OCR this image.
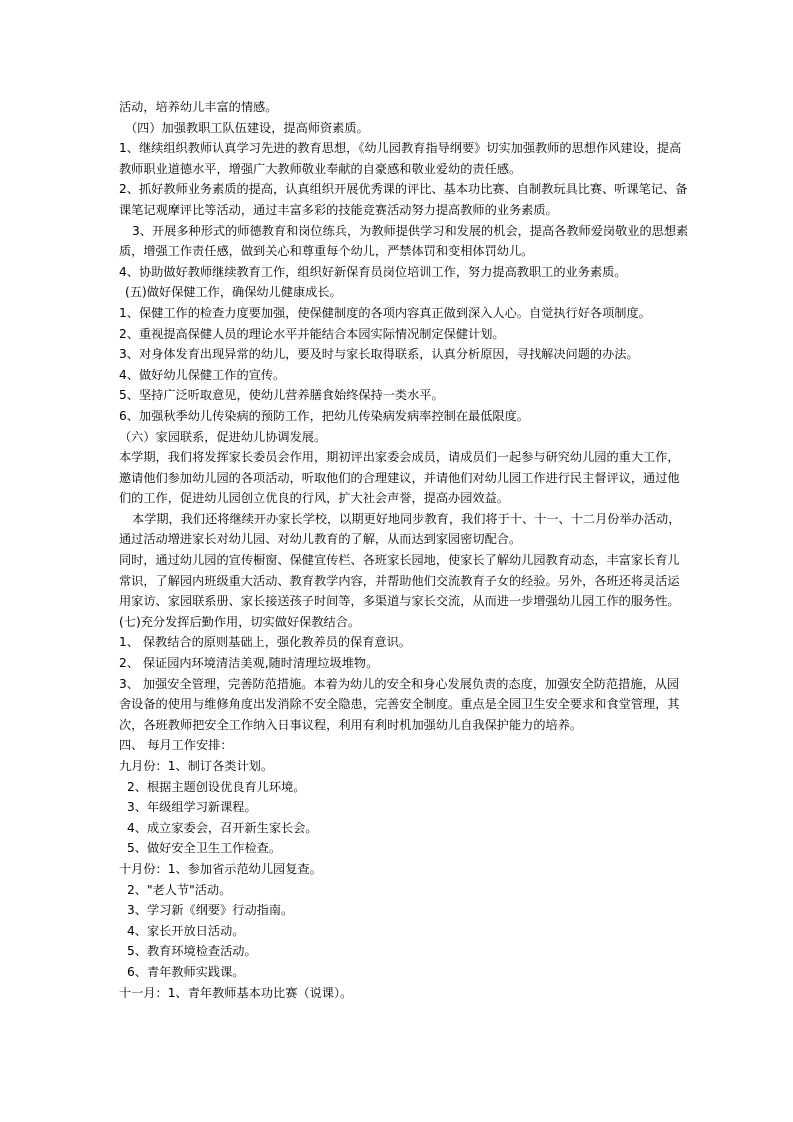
活动，培养幼儿丰富的情感。
（四）加强教职工队伍建设，提高师资素质。
1、继续组织教师认真学习先进的教育思想，《幼儿园教育指导纲要》切实加强教师的思想作风建设，提高
教师职业道德水平，增强广大教师敬业奉献的自豪感和敬业爱幼的责任感。
2、抓好教师业务素质的提高，认真组织开展优秀课的评比、基本功比赛、自制教玩具比赛、听课笔记、备
课笔记观摩评比等活动，通过丰富多彩的技能竞赛活动努力提高教师的业务素质。
3、开展多种形式的师德教育和岗位练兵，为教师提供学习和发展的机会，提高各教师爱岗敬业的思想素
质，增强工作责任感，做到关心和尊重每个幼儿，严禁体罚和变相体罚幼儿。
4、协助做好教师继续教育工作，组织好新保育员岗位培训工作，努力提高教职工的业务素质。
(五)做好保健工作，确保幼儿健康成长。
1、保健工作的检查力度要加强，使保健制度的各项内容真正做到深入人心。自觉执行好各项制度。
2、重视提高保健人员的理论水平并能结合本园实际情况制定保健计划。
3、对身体发育出现异常的幼儿，要及时与家长取得联系，认真分析原因，寻找解决问题的办法。
4、做好幼儿保健工作的宣传。
5、坚持广泛听取意见，使幼儿营养膳食始终保持一类水平。
6、加强秋季幼儿传染病的预防工作，把幼儿传染病发病率控制在最低限度。
（六）家园联系，促进幼儿协调发展。
本学期，我们将发挥家长委员会作用，期初评出家委会成员，请成员们一起参与研究幼儿园的重大工作，
邀请他们参加幼儿园的各项活动，听取他们的合理建议，并请他们对幼儿园工作进行民主督评议，通过他
们的工作，促进幼儿园创立优良的行风，扩大社会声誉，提高办园效益。
本学期，我们还将继续开办家长学校，以期更好地同步教育，我们将于十、十一、十二月份举办活动，
通过活动增进家长对幼儿园、对幼儿教育的了解，从而达到家园密切配合。
同时，通过幼儿园的宣传橱窗、保健宣传栏、各班家长园地，使家长了解幼儿园教育动态，丰富家长育儿
常识，了解园内班级重大活动、教育教学内容，并帮助他们交流教育子女的经验。另外，各班还将灵活运
用家访、家园联系册、家长接送孩子时间等，多渠道与家长交流，从而进一步增强幼儿园工作的服务性。
(七)充分发挥后勤作用，切实做好保教结合。
1、 保教结合的原则基础上，强化教养员的保育意识。
2、 保证园内环境清洁美观,随时清理垃圾堆物。
3、 加强安全管理，完善防范措施。本着为幼儿的安全和身心发展负责的态度，加强安全防范措施，从园
舍设备的使用与维修角度出发消除不安全隐患，完善安全制度。重点是全园卫生安全要求和食堂管理，其
次，各班教师把安全工作纳入日事议程，利用有利时机加强幼儿自我保护能力的培养。
四、 每月工作安排：
九月份：1、制订各类计划。
2、根据主题创设优良育儿环境。
3、年级组学习新课程。
4、成立家委会，召开新生家长会。
5、做好安全卫生工作检查。
十月份：1、参加省示范幼儿园复查。
2、"老人节"活动。
3、学习新《纲要》行动指南。
4、家长开放日活动。
5、教育环境检查活动。
6、青年教师实践课。
十一月：1、青年教师基本功比赛（说课）。
